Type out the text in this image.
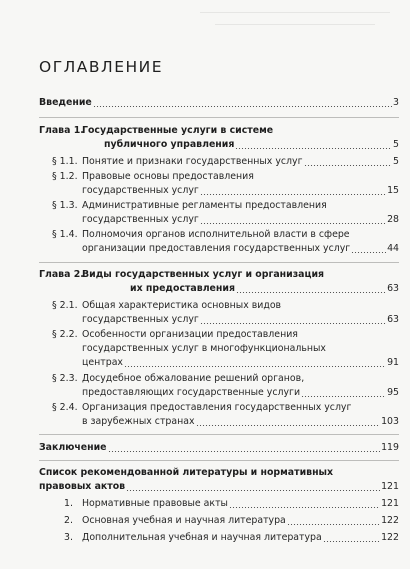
ОГЛАВЛЕНИЕ
Введение	3
Глава 1.
Государственные услуги в системе
публичного управления	5
§ 1.1. Понятие и признаки государственных услуг	5
§ 1.2. Правовые основы предоставления
государственных услуг	15
§ 1.3. Административные регламенты предоставления
государственных услуг	28
§ 1.4. Полномочия органов исполнительной власти в сфере
организации предоставления государственных услуг	44
Глава 2.
Виды государственных услуг и организация
их предоставления	63
§ 2.1. Общая характеристика основных видов
государственных услуг	63
§ 2.2. Особенности организации предоставления
государственных услуг в многофункциональных
центрах	91
§ 2.3. Досудебное обжалование решений органов,
предоставляющих государственные услуги	95
§ 2.4. Организация предоставления государственных услуг
в зарубежных странах	103
Заключение	119
Список рекомендованной литературы и нормативных
правовых актов	121
1. Нормативные правовые акты	121
2. Основная учебная и научная литература	122
3. Дополнительная учебная и научная литература	122
